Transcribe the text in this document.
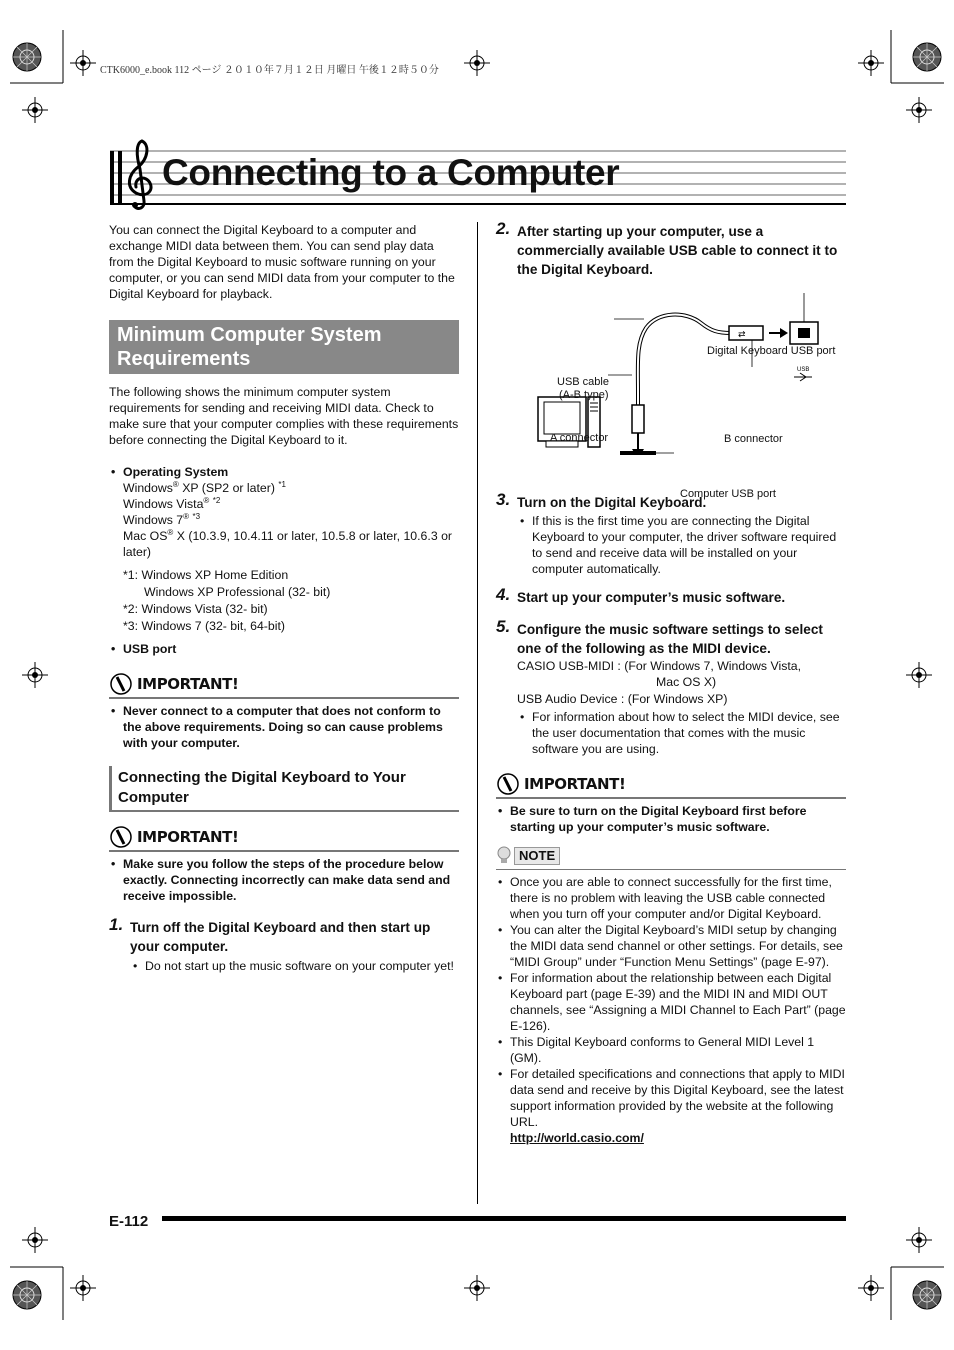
CTK6000_e.book 112 ページ ２０１０年７月１２日 月曜日 午後１２時５０分
Connecting to a Computer

You can connect the Digital Keyboard to a computer and exchange MIDI data between them. You can send play data from the Digital Keyboard to music software running on your computer, or you can send MIDI data from your computer to the Digital Keyboard for playback.

Minimum Computer System Requirements

The following shows the minimum computer system requirements for sending and receiving MIDI data. Check to make sure that your computer complies with these requirements before connecting the Digital Keyboard to it.

• Operating System
Windows® XP (SP2 or later) $^{*1}$
Windows Vista® $^{*2}$
Windows 7® $^{*3}$
Mac OS® X (10.3.9, 10.4.11 or later, 10.5.8 or later, 10.6.3 or later)
*1: Windows XP Home Edition
Windows XP Professional (32- bit)
*2: Windows Vista (32- bit)
*3: Windows 7 (32- bit, 64-bit)
• USB port
IMPORTANT!
• Never connect to a computer that does not conform to the above requirements. Doing so can cause problems with your computer.
Connecting the Digital Keyboard to Your Computer
IMPORTANT!
• Make sure you follow the steps of the procedure below exactly. Connecting incorrectly can make data send and receive impossible.
1. Turn off the Digital Keyboard and then start up your computer.
• Do not start up the music software on your computer yet!
2. After starting up your computer, use a commercially available USB cable to connect it to the Digital Keyboard.
⇄
USB
Digital Keyboard USB port
USB cable
(A-B type)
A connector	B connector
Computer USB port
3. Turn on the Digital Keyboard.
• If this is the first time you are connecting the Digital Keyboard to your computer, the driver software required to send and receive data will be installed on your computer automatically.
4. Start up your computer’s music software.
5. Configure the music software settings to select one of the following as the MIDI device.
CASIO USB-MIDI : (For Windows 7, Windows Vista,
Mac OS X)
USB Audio Device : (For Windows XP)
• For information about how to select the MIDI device, see the user documentation that comes with the music software you are using.
IMPORTANT!
• Be sure to turn on the Digital Keyboard first before starting up your computer’s music software.
NOTE
• Once you are able to connect successfully for the first time, there is no problem with leaving the USB cable connected when you turn off your computer and/or Digital Keyboard.
• You can alter the Digital Keyboard’s MIDI setup by changing the MIDI data send channel or other settings. For details, see “MIDI Group” under “Function Menu Settings” (page E-97).
• For information about the relationship between each Digital Keyboard part (page E-39) and the MIDI IN and MIDI OUT channels, see “Assigning a MIDI Channel to Each Part” (page E-126).
• This Digital Keyboard conforms to General MIDI Level 1 (GM).
• For detailed specifications and connections that apply to MIDI data send and receive by this Digital Keyboard, see the latest support information provided by the website at the following URL.
http://world.casio.com/
E-112
